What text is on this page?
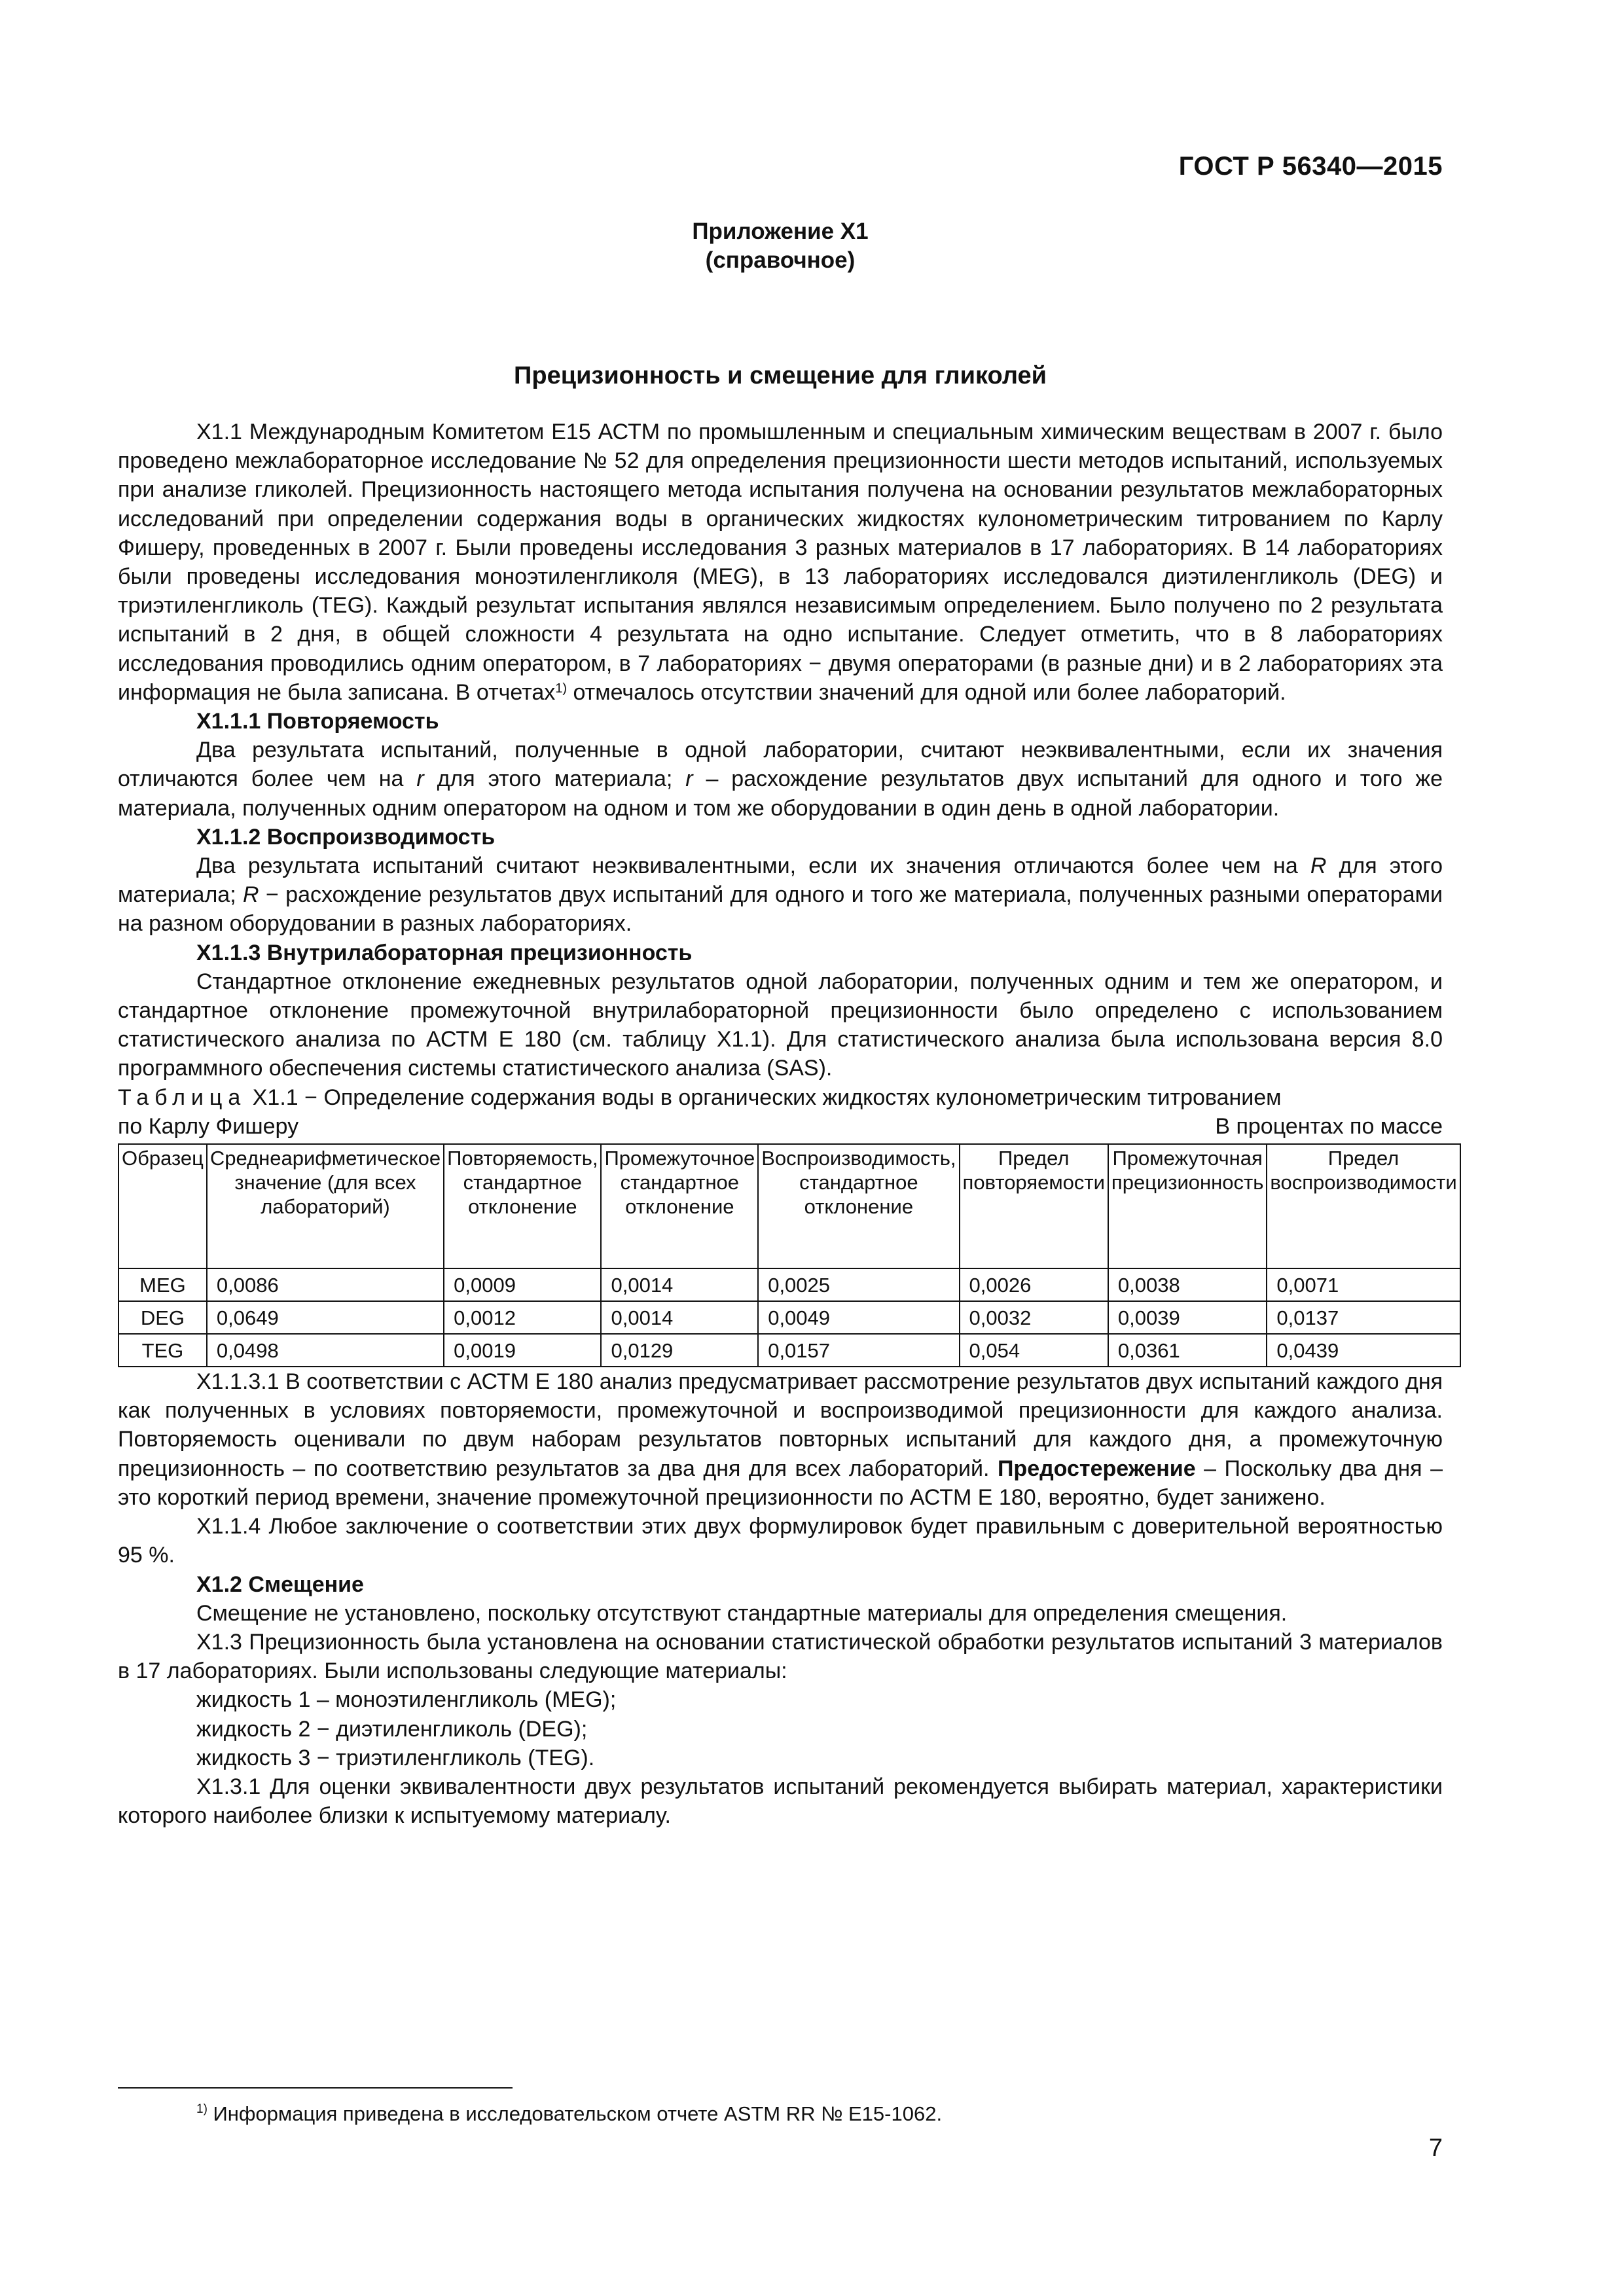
ГОСТ Р 56340—2015
Приложение Х1
(справочное)
Прецизионность и смещение для гликолей

Х1.1 Международным Комитетом Е15 АСТМ по промышленным и специальным химическим веществам в 2007 г. было проведено межлабораторное исследование № 52 для определения прецизионности шести методов испытаний, используемых при анализе гликолей. Прецизионность настоящего метода испытания получена на основании результатов межлабораторных исследований при определении содержания воды в органических жидкостях кулонометрическим титрованием по Карлу Фишеру, проведенных в 2007 г. Были проведены исследования 3 разных материалов в 17 лабораториях. В 14 лабораториях были проведены исследования моноэтиленгликоля (MEG), в 13 лабораториях исследовался диэтиленгликоль (DEG) и триэтиленгликоль (TEG). Каждый результат испытания являлся независимым определением. Было получено по 2 результата испытаний в 2 дня, в общей сложности 4 результата на одно испытание. Следует отметить, что в 8 лабораториях исследования проводились одним оператором, в 7 лабораториях − двумя операторами (в разные дни) и в 2 лабораториях эта информация не была записана. В отчетах$^{1)}$ отмечалось отсутствии значений для одной или более лабораторий.

Х1.1.1 Повторяемость

Два результата испытаний, полученные в одной лаборатории, считают неэквивалентными, если их значения отличаются более чем на r для этого материала; r – расхождение результатов двух испытаний для одного и того же материала, полученных одним оператором на одном и том же оборудовании в один день в одной лаборатории.

Х1.1.2 Воспроизводимость

Два результата испытаний считают неэквивалентными, если их значения отличаются более чем на R для этого материала; R − расхождение результатов двух испытаний для одного и того же материала, полученных разными операторами на разном оборудовании в разных лабораториях.

Х1.1.3 Внутрилабораторная прецизионность

Стандартное отклонение ежедневных результатов одной лаборатории, полученных одним и тем же оператором, и стандартное отклонение промежуточной внутрилабораторной прецизионности было определено с использованием статистического анализа по АСТМ Е 180 (см. таблицу Х1.1). Для статистического анализа была использована версия 8.0 программного обеспечения системы статистического анализа (SAS).

Таблица Х1.1 − Определение содержания воды в органических жидкостях кулонометрическим титрованием

по Карлу Фишеру	В процентах по массе
Образец	Среднеарифметическое значение (для всех лабораторий)	Повторяемость, стандартное отклонение	Промежуточное стандартное отклонение	Воспроизводимость, стандартное отклонение	Предел повторяемости	Промежуточная прецизионность	Предел воспроизводимости
MEG	0,0086	0,0009	0,0014	0,0025	0,0026	0,0038	0,0071
DEG	0,0649	0,0012	0,0014	0,0049	0,0032	0,0039	0,0137
TEG	0,0498	0,0019	0,0129	0,0157	0,054	0,0361	0,0439

Х1.1.3.1 В соответствии с АСТМ Е 180 анализ предусматривает рассмотрение результатов двух испытаний каждого дня как полученных в условиях повторяемости, промежуточной и воспроизводимой прецизионности для каждого анализа. Повторяемость оценивали по двум наборам результатов повторных испытаний для каждого дня, а промежуточную прецизионность – по соответствию результатов за два дня для всех лабораторий. Предостережение – Поскольку два дня – это короткий период времени, значение промежуточной прецизионности по АСТМ Е 180, вероятно, будет занижено.

Х1.1.4 Любое заключение о соответствии этих двух формулировок будет правильным с доверительной вероятностью 95 %.

Х1.2 Смещение

Смещение не установлено, поскольку отсутствуют стандартные материалы для определения смещения.

Х1.3 Прецизионность была установлена на основании статистической обработки результатов испытаний 3 материалов в 17 лабораториях. Были использованы следующие материалы:

жидкость 1 – моноэтиленгликоль (MEG);

жидкость 2 − диэтиленгликоль (DEG);

жидкость 3 − триэтиленгликоль (TEG).

Х1.3.1 Для оценки эквивалентности двух результатов испытаний рекомендуется выбирать материал, характеристики которого наиболее близки к испытуемому материалу.

$^{1)}$ Информация приведена в исследовательском отчете ASTM RR № E15-1062.
7
